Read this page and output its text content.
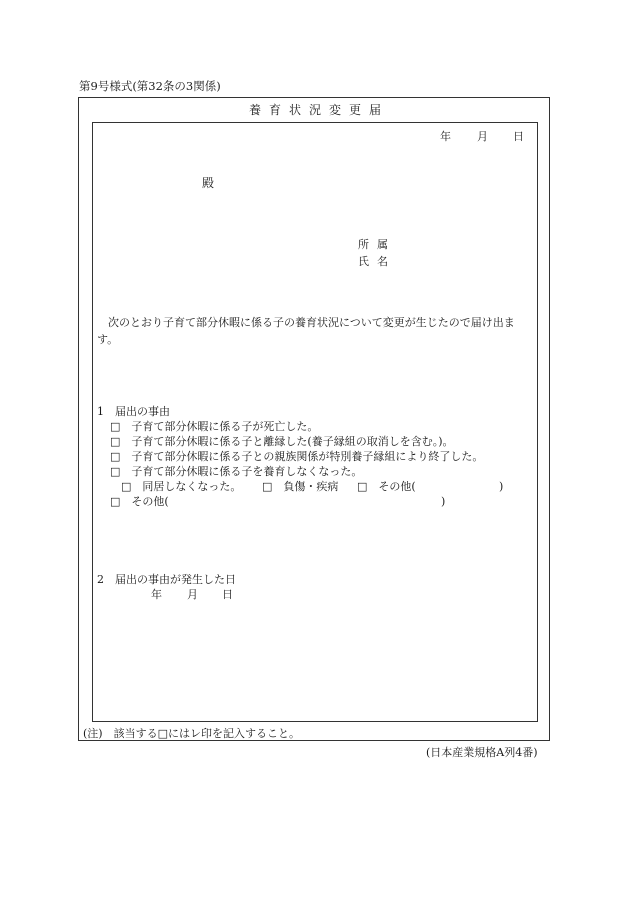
第9号様式(第32条の3関係)
養育状況変更届
年 月 日
殿
所属
氏名
次のとおり子育て部分休暇に係る子の養育状況について変更が生じたので届け出ます。
1　届出の事由
□ 子育て部分休暇に係る子が死亡した。
□ 子育て部分休暇に係る子と離縁した(養子縁組の取消しを含む。)。
□ 子育て部分休暇に係る子との親族関係が特別養子縁組により終了した。
□ 子育て部分休暇に係る子を養育しなくなった。
□ 同居しなくなった。 □ 負傷・疾病 □ その他(	)
□ その他(	)
2　届出の事由が発生した日
年 月 日
(注)　該当する□にはレ印を記入すること。
(日本産業規格A列4番)
